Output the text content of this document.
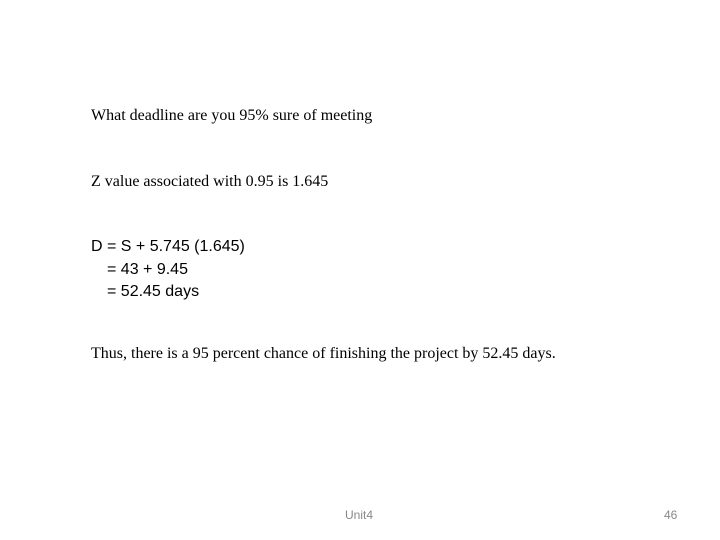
What deadline are you 95% sure of meeting
Z value associated with 0.95 is 1.645
D = S + 5.745 (1.645)
= 43 + 9.45
= 52.45 days
Thus, there is a 95 percent chance of finishing the project by 52.45 days.
Unit4	46
